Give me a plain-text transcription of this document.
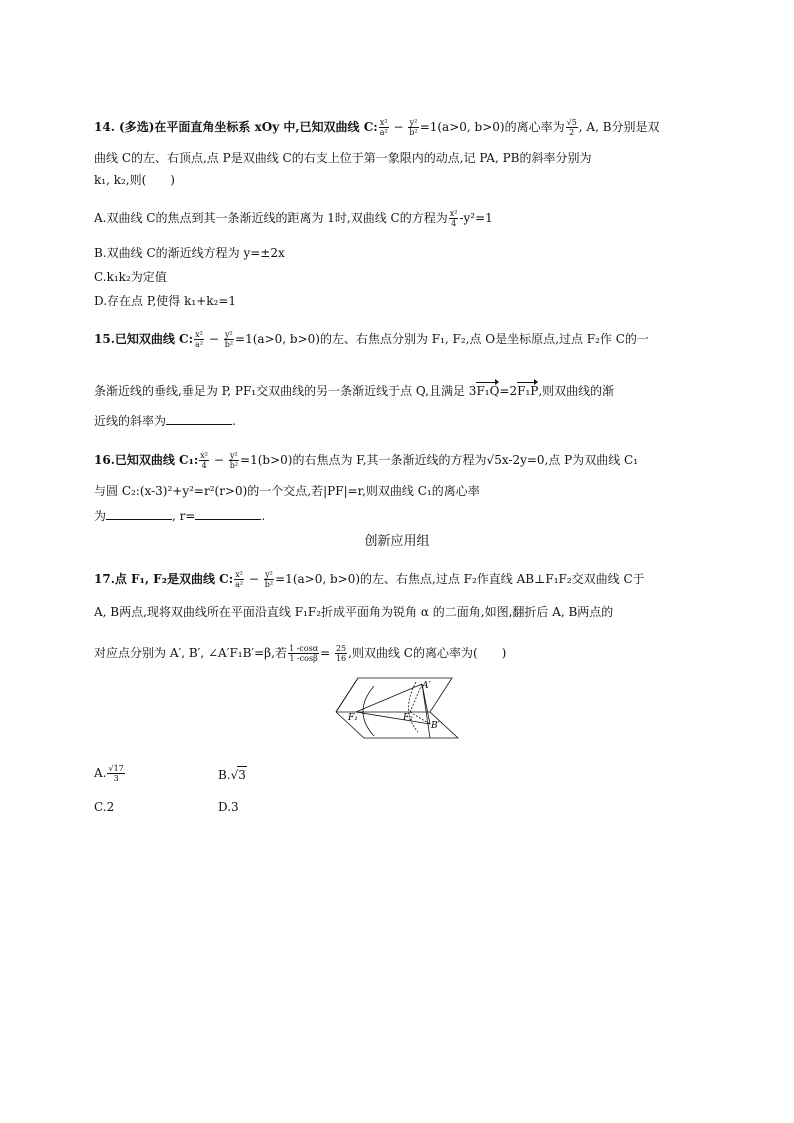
14. (多选)在平面直角坐标系 xOy 中,已知双曲线 C: $\frac{\text{x²}}{\text{a²}} - \frac{\text{y²}}{\text{b²}} =1(a>0$, b>0)的离心率为 $\frac{√5}{2}$ , A, B分别是双
曲线 C的左、右顶点,点 P是双曲线 C的右支上位于第一象限内的动点,记 PA, PB的斜率分别为
k₁, k₂,则(　　)
A.双曲线 C的焦点到其一条渐近线的距离为 1时,双曲线 C的方程为 $\frac{\text{x²}}{4} -y^2=1$
B.双曲线 C的渐近线方程为 y=±2x
C.k₁k₂为定值
D.存在点 P,使得 k₁+k₂=1
15.已知双曲线 C: $\frac{\text{x²}}{\text{a²}} - \frac{\text{y²}}{\text{b²}} =1(a>0$, b>0)的左、右焦点分别为 F₁, F₂,点 O是坐标原点,过点 F₂作 C的一
条渐近线的垂线,垂足为 P, PF₁交双曲线的另一条渐近线于点 Q,且满足 3F₁Q=2F₁P,则双曲线的渐
近线的斜率为	.
16.已知双曲线 C₁: $\frac{\text{x²}}{4} - \frac{\text{y²}}{\text{b²}} =1(b>0)$的右焦点为 F,其一条渐近线的方程为√5x-2y=0,点 P为双曲线 C₁
与圆 C₂:(x-3)²+y²=r²(r>0)的一个交点,若|PF|=r,则双曲线 C₁的离心率
为	, r=	.
创新应用组
17.点 F₁, F₂是双曲线 C: $\frac{\text{x²}}{\text{a²}} - \frac{\text{y²}}{\text{b²}} =1(a>0$, b>0)的左、右焦点,过点 F₂作直线 AB⊥F₁F₂交双曲线 C于
A, B两点,现将双曲线所在平面沿直线 F₁F₂折成平面角为锐角 α 的二面角,如图,翻折后 A, B两点的
对应点分别为 A′, B′, ∠A′F₁B′=β,若 $\frac{1 -\cos\alpha}{1 -\cos\beta} = \frac{25}{16}$ ,则双曲线 C的离心率为(　　)
A′
F₁	F₂
B′
A. $\frac{√17}{3}$	B.√3
C.2	D.3
